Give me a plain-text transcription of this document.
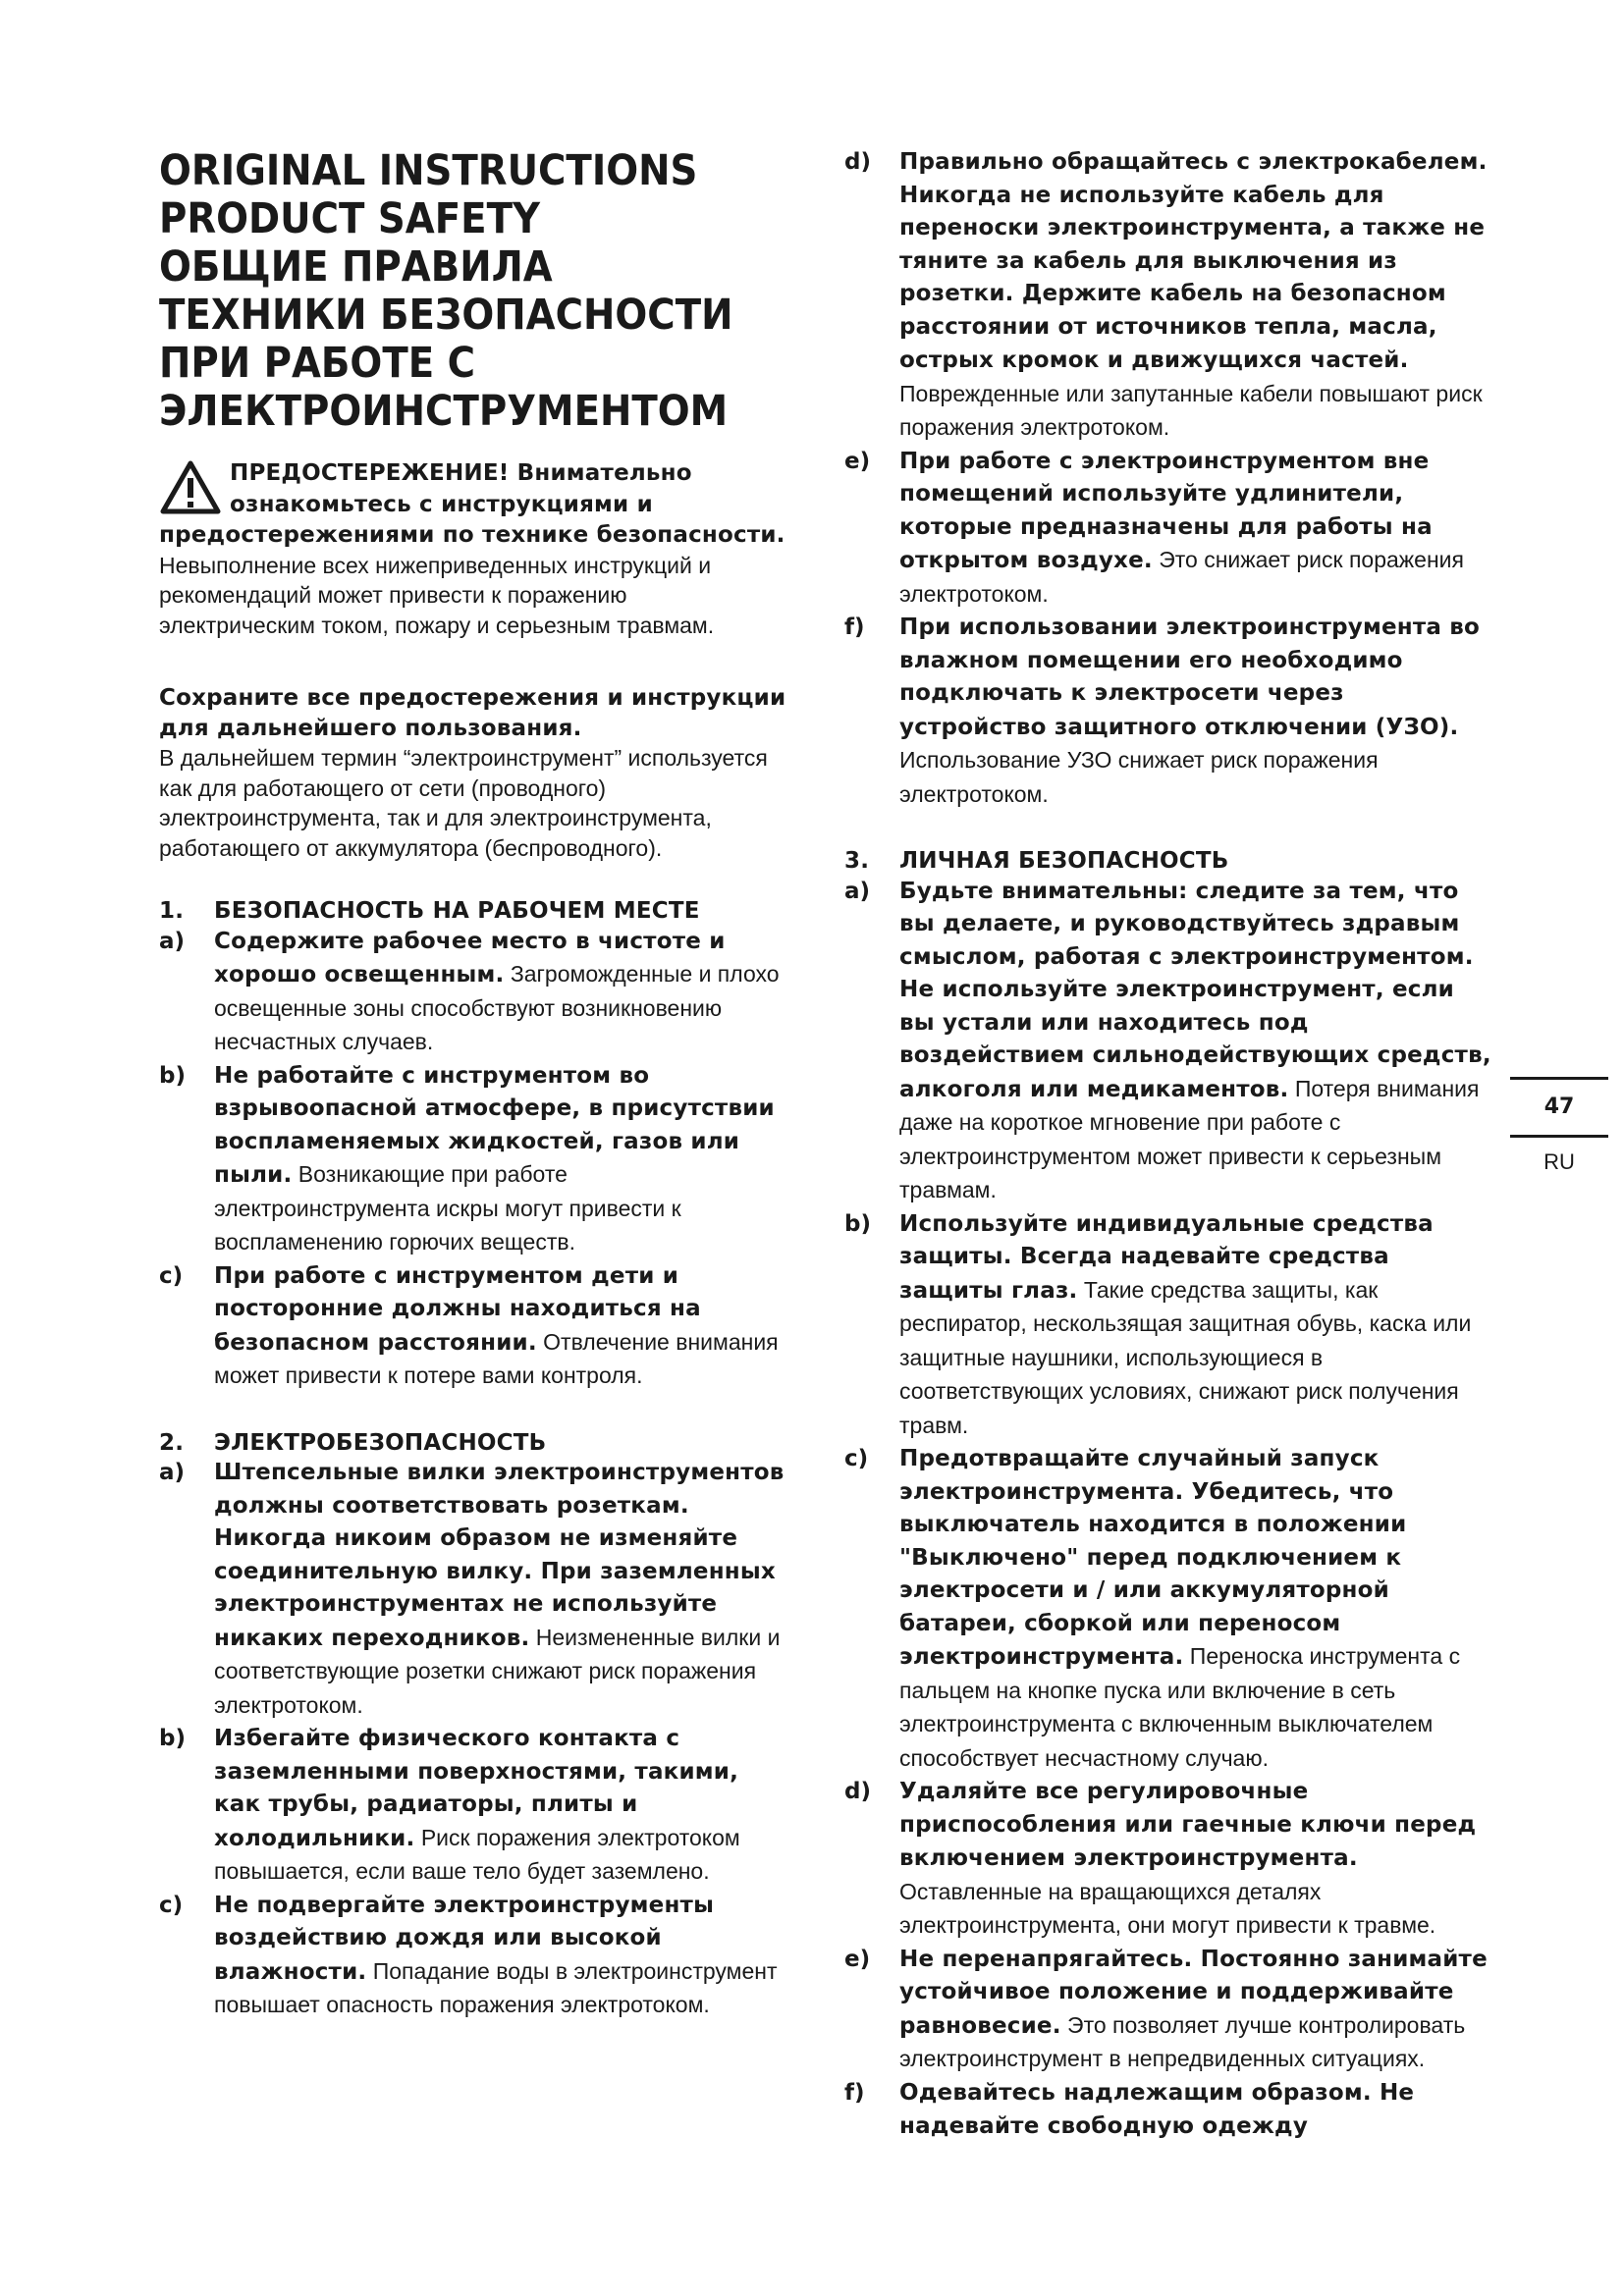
ORIGINAL INSTRUCTIONS
PRODUCT SAFETY
ОБЩИЕ ПРАВИЛА
ТЕХНИКИ БЕЗОПАСНОСТИ
ПРИ РАБОТЕ С
ЭЛЕКТРОИНСТРУМЕНТОМ

ПРЕДОСТЕРЕЖЕНИЕ! Внимательно ознакомьтесь с инструкциями и предостережениями по технике безопасности. Невыполнение всех нижеприведенных инструкций и рекомендаций может привести к поражению электрическим током, пожару и серьезным травмам.

Сохраните все предостережения и инструкции для дальнейшего пользования.

В дальнейшем термин “электроинструмент” используется как для работающего от сети (проводного) электроинструмента, так и для электроинструмента, работающего от аккумулятора (беспроводного).

1.	БЕЗОПАСНОСТЬ НА РАБОЧЕМ МЕСТЕ
a)	Содержите рабочее место в чистоте и хорошо освещенным. Загроможденные и плохо освещенные зоны способствуют возникновению несчастных случаев.
b)	Не работайте с инструментом во взрывоопасной атмосфере, в присутствии воспламеняемых жидкостей, газов или пыли. Возникающие при работе электроинструмента искры могут привести к воспламенению горючих веществ.
c)	При работе с инструментом дети и посторонние должны находиться на безопасном расстоянии. Отвлечение внимания может привести к потере вами контроля.
2.	ЭЛЕКТРОБЕЗОПАСНОСТЬ
a)	Штепсельные вилки электроинструментов должны соответствовать розеткам. Никогда никоим образом не изменяйте соединительную вилку. При заземленных электроинструментах не используйте никаких переходников. Неизмененные вилки и соответствующие розетки снижают риск поражения электротоком.
b)	Избегайте физического контакта с заземленными поверхностями, такими, как трубы, радиаторы, плиты и холодильники. Риск поражения электротоком повышается, если ваше тело будет заземлено.
c)	Не подвергайте электроинструменты воздействию дождя или высокой влажности. Попадание воды в электроинструмент повышает опасность поражения электротоком.
d)	Правильно обращайтесь с электрокабелем. Никогда не используйте кабель для переноски электроинструмента, а также не тяните за кабель для выключения из розетки. Держите кабель на безопасном расстоянии от источников тепла, масла, острых кромок и движущихся частей. Поврежденные или запутанные кабели повышают риск поражения электротоком.
e)	При работе с электроинструментом вне помещений используйте удлинители, которые предназначены для работы на открытом воздухе. Это снижает риск поражения электротоком.
f)	При использовании электроинструмента во влажном помещении его необходимо подключать к электросети через устройство защитного отключении (УЗО). Использование УЗО снижает риск поражения электротоком.
3.	ЛИЧНАЯ БЕЗОПАСНОСТЬ
a)	Будьте внимательны: следите за тем, что вы делаете, и руководствуйтесь здравым смыслом, работая с электроинструментом. Не используйте электроинструмент, если вы устали или находитесь под воздействием сильнодействующих средств, алкоголя или медикаментов. Потеря внимания даже на короткое мгновение при работе с электроинструментом может привести к серьезным травмам.
b)	Используйте индивидуальные средства защиты. Всегда надевайте средства защиты глаз. Такие средства защиты, как респиратор, нескользящая защитная обувь, каска или защитные наушники, использующиеся в соответствующих условиях, снижают риск получения травм.
c)	Предотвращайте случайный запуск электроинструмента. Убедитесь, что выключатель находится в положении "Выключено" перед подключением к электросети и / или аккумуляторной батареи, сборкой или переносом электроинструмента. Переноска инструмента с пальцем на кнопке пуска или включение в сеть электроинструмента с включенным выключателем способствует несчастному случаю.
d)	Удаляйте все регулировочные приспособления или гаечные ключи перед включением электроинструмента. Оставленные на вращающихся деталях электроинструмента, они могут привести к травме.
e)	Не перенапрягайтесь. Постоянно занимайте устойчивое положение и поддерживайте равновесие. Это позволяет лучше контролировать электроинструмент в непредвиденных ситуациях.
f)	Одевайтесь надлежащим образом. Не надевайте свободную одежду
47
RU
